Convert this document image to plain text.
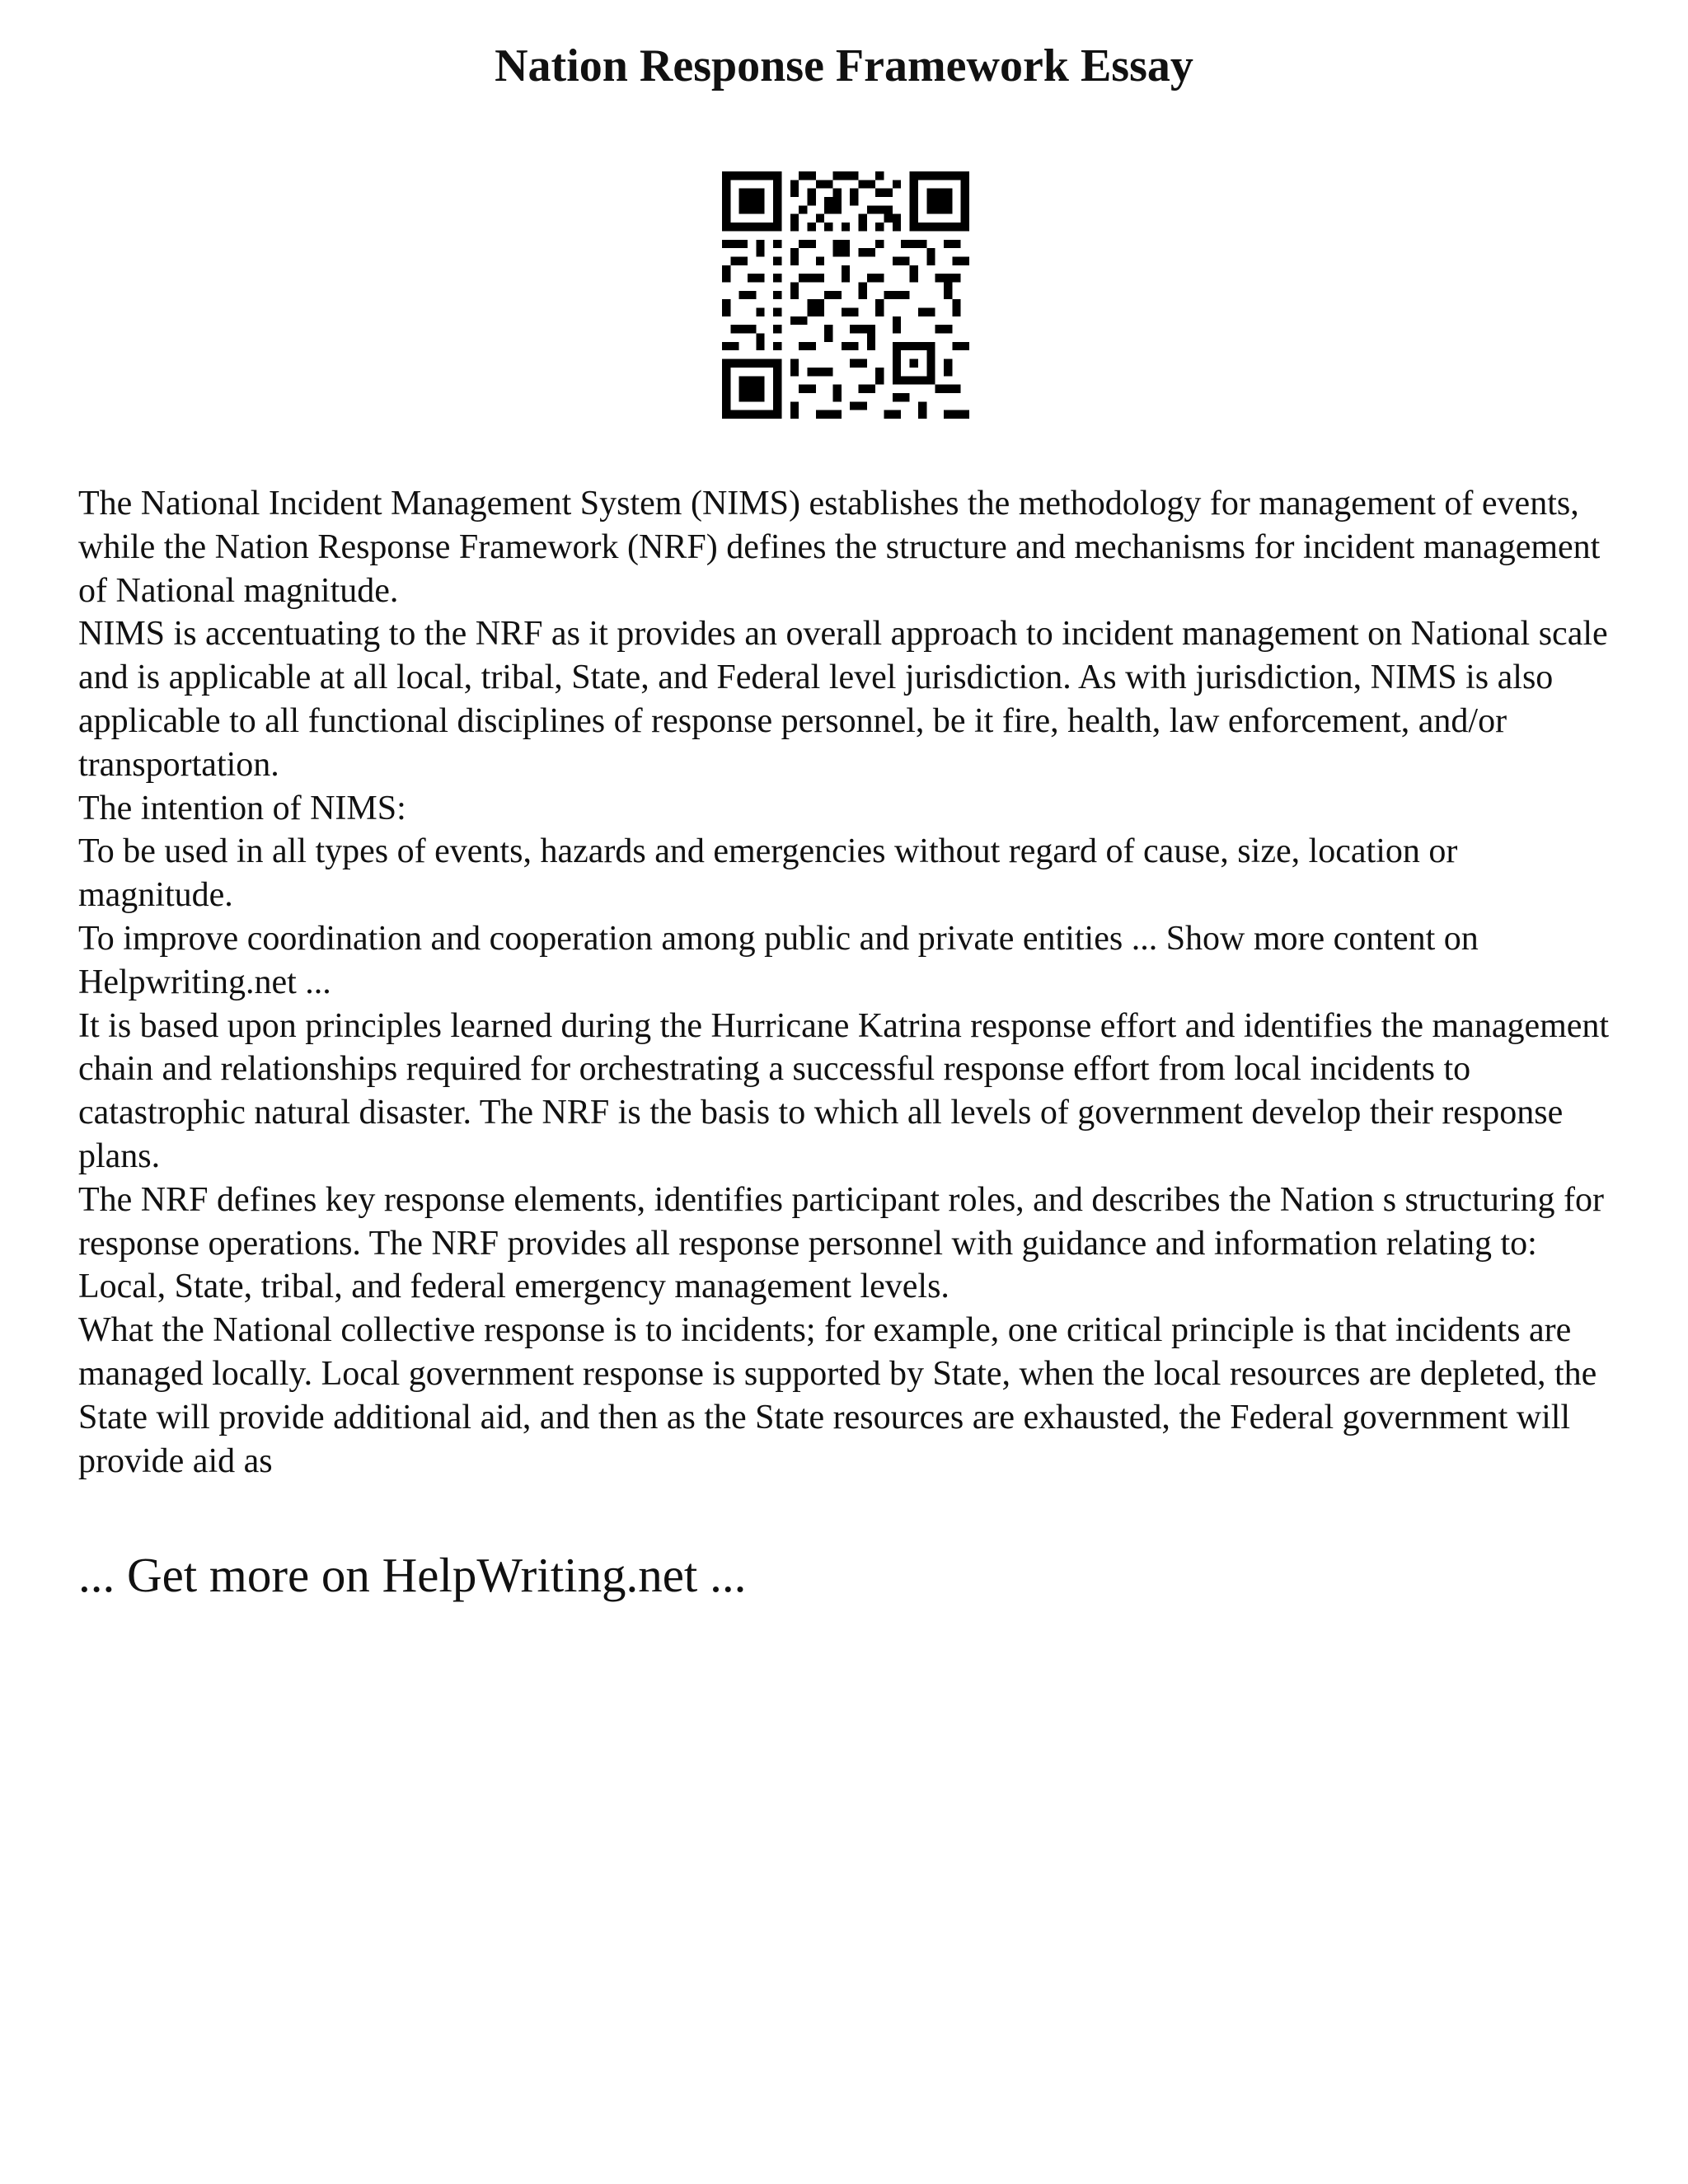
Nation Response Framework Essay

The National Incident Management System (NIMS) establishes the methodology for management of events, while the Nation Response Framework (NRF) defines the structure and mechanisms for incident management of National magnitude.

NIMS is accentuating to the NRF as it provides an overall approach to incident management on National scale and is applicable at all local, tribal, State, and Federal level jurisdiction. As with jurisdiction, NIMS is also applicable to all functional disciplines of response personnel, be it fire, health, law enforcement, and/or transportation.

The intention of NIMS:

To be used in all types of events, hazards and emergencies without regard of cause, size, location or magnitude.

To improve coordination and cooperation among public and private entities ... Show more content on Helpwriting.net ...

It is based upon principles learned during the Hurricane Katrina response effort and identifies the management chain and relationships required for orchestrating a successful response effort from local incidents to catastrophic natural disaster. The NRF is the basis to which all levels of government develop their response plans.

The NRF defines key response elements, identifies participant roles, and describes the Nation s structuring for response operations. The NRF provides all response personnel with guidance and information relating to:

Local, State, tribal, and federal emergency management levels.

What the National collective response is to incidents; for example, one critical principle is that incidents are managed locally. Local government response is supported by State, when the local resources are depleted, the State will provide additional aid, and then as the State resources are exhausted, the Federal government will provide aid as

... Get more on HelpWriting.net ...
